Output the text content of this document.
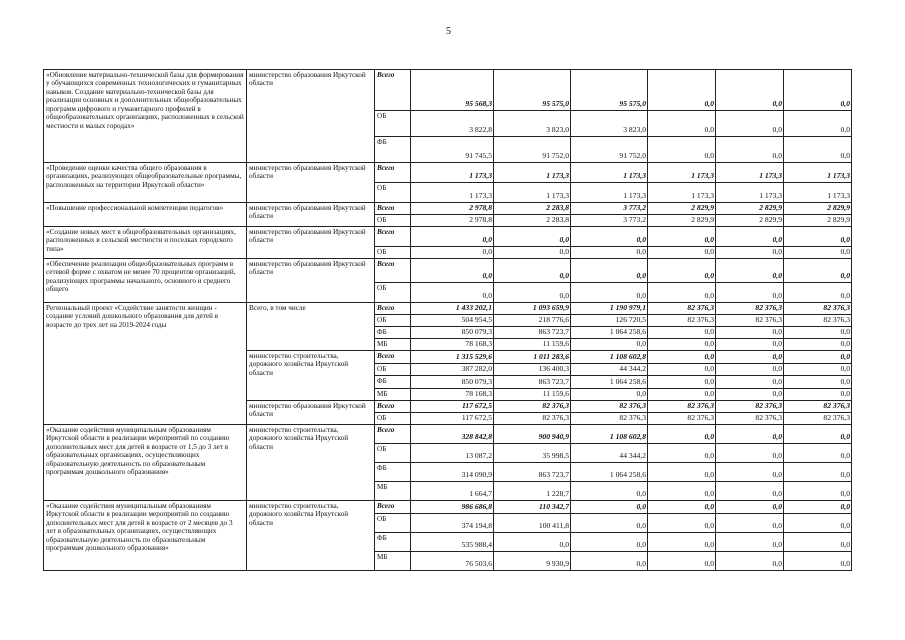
5
«Обновление материально-технической базы для формирования у обучающихся современных технологических и гуманитарных навыков. Создание материально-технической базы для реализации основных и дополнительных общеобразовательных программ цифрового и гуманитарного профилей в общеобразовательных организациях, расположенных в сельской местности и малых городах»	министерство образования Иркутской области	Всего	95 568,3	95 575,0	95 575,0	0,0	0,0	0,0
		ОБ	3 822,8	3 823,0	3 823,0	0,0	0,0	0,0
		ФБ	91 745,5	91 752,0	91 752,0	0,0	0,0	0,0
«Проведение оценки качества общего образования в организациях, реализующих общеобразовательные программы, расположенных на территории Иркутской области»	министерство образования Иркутской области	Всего	1 173,3	1 173,3	1 173,3	1 173,3	1 173,3	1 173,3
		ОБ	1 173,3	1 173,3	1 173,3	1 173,3	1 173,3	1 173,3
«Повышение профессиональной компетенции педагогов»	министерство образования Иркутской области	Всего	2 978,8	2 283,8	3 773,2	2 829,9	2 829,9	2 829,9
		ОБ	2 978,8	2 283,8	3 773,2	2 829,9	2 829,9	2 829,9
«Создание новых мест в общеобразовательных организациях, расположенных в сельской местности и поселках городского типа»	министерство образования Иркутской области	Всего	0,0	0,0	0,0	0,0	0,0	0,0
		ОБ	0,0	0,0	0,0	0,0	0,0	0,0
«Обеспечение реализации общеобразовательных программ в сетевой форме с охватом не менее 70 процентов организаций, реализующих программы начального, основного и среднего общего	министерство образования Иркутской области	Всего	0,0	0,0	0,0	0,0	0,0	0,0
		ОБ	0,0	0,0	0,0	0,0	0,0	0,0
Региональный проект «Содействие занятости женщин - создание условий дошкольного образования для детей в возрасте до трех лет на 2019-2024 годы	Всего, в том числе	Всего	1 433 202,1	1 093 659,9	1 190 979,1	82 376,3	82 376,3	82 376,3
		ОБ	504 954,5	218 776,6	126 720,5	82 376,3	82 376,3	82 376,3
		ФБ	850 079,3	863 723,7	1 064 258,6	0,0	0,0	0,0
		МБ	78 168,3	11 159,6	0,0	0,0	0,0	0,0
	министерство строительства, дорожного хозяйства Иркутской области	Всего	1 315 529,6	1 011 283,6	1 108 602,8	0,0	0,0	0,0
		ОБ	387 282,0	136 400,3	44 344,2	0,0	0,0	0,0
		ФБ	850 079,3	863 723,7	1 064 258,6	0,0	0,0	0,0
		МБ	78 168,3	11 159,6	0,0	0,0	0,0	0,0
	министерство образования Иркутской области	Всего	117 672,5	82 376,3	82 376,3	82 376,3	82 376,3	82 376,3
		ОБ	117 672,5	82 376,3	82 376,3	82 376,3	82 376,3	82 376,3
«Оказание содействия муниципальным образованиям Иркутской области в реализации мероприятий по созданию дополнительных мест для детей в возрасте от 1,5 до 3 лет в образовательных организациях, осуществляющих образовательную деятельность по образовательным программам дошкольного образования»	министерство строительства, дорожного хозяйства Иркутской области	Всего	328 842,8	900 940,9	1 108 602,8	0,0	0,0	0,0
		ОБ	13 087,2	35 998,5	44 344,2	0,0	0,0	0,0
		ФБ	314 090,9	863 723,7	1 064 258,6	0,0	0,0	0,0
		МБ	1 664,7	1 228,7	0,0	0,0	0,0	0,0
«Оказание содействия муниципальным образованиям Иркутской области в реализации мероприятий по созданию дополнительных мест для детей в возрасте от 2 месяцев до 3 лет в образовательных организациях, осуществляющих образовательную деятельность по образовательным программам дошкольного образования»	министерство строительства, дорожного хозяйства Иркутской области	Всего	986 686,8	110 342,7	0,0	0,0	0,0	0,0
		ОБ	374 194,8	100 411,8	0,0	0,0	0,0	0,0
		ФБ	535 988,4	0,0	0,0	0,0	0,0	0,0
		МБ	76 503,6	9 930,9	0,0	0,0	0,0	0,0
